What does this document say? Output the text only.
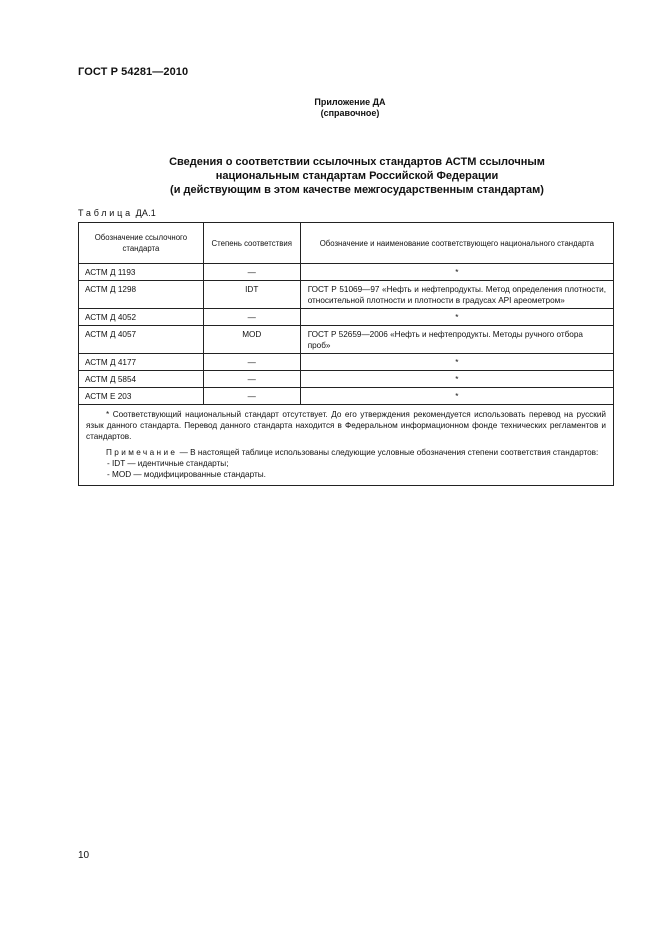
ГОСТ Р 54281—2010
Приложение ДА
(справочное)
Сведения о соответствии ссылочных стандартов АСТМ ссылочным
национальным стандартам Российской Федерации
(и действующим в этом качестве межгосударственным стандартам)
Таблица ДА.1
Обозначение ссылочного стандарта	Степень соответствия	Обозначение и наименование соответствующего национального стандарта
АСТМ Д 1193	—	*
АСТМ Д 1298	IDT	ГОСТ Р 51069—97 «Нефть и нефтепродукты. Метод определения плотности, относительной плотности и плотности в градусах API ареометром»
АСТМ Д 4052	—	*
АСТМ Д 4057	MOD	ГОСТ Р 52659—2006 «Нефть и нефтепродукты. Методы ручного отбора проб»
АСТМ Д 4177	—	*
АСТМ Д 5854	—	*
АСТМ Е 203	—	*

* Соответствующий национальный стандарт отсутствует. До его утверждения рекомендуется использовать перевод на русский язык данного стандарта. Перевод данного стандарта находится в Федеральном информационном фонде технических регламентов и стандартов.

Примечание — В настоящей таблице использованы следующие условные обозначения степени соответствия стандартов:

- IDT — идентичные стандарты;
- MOD — модифицированные стандарты.		
10
